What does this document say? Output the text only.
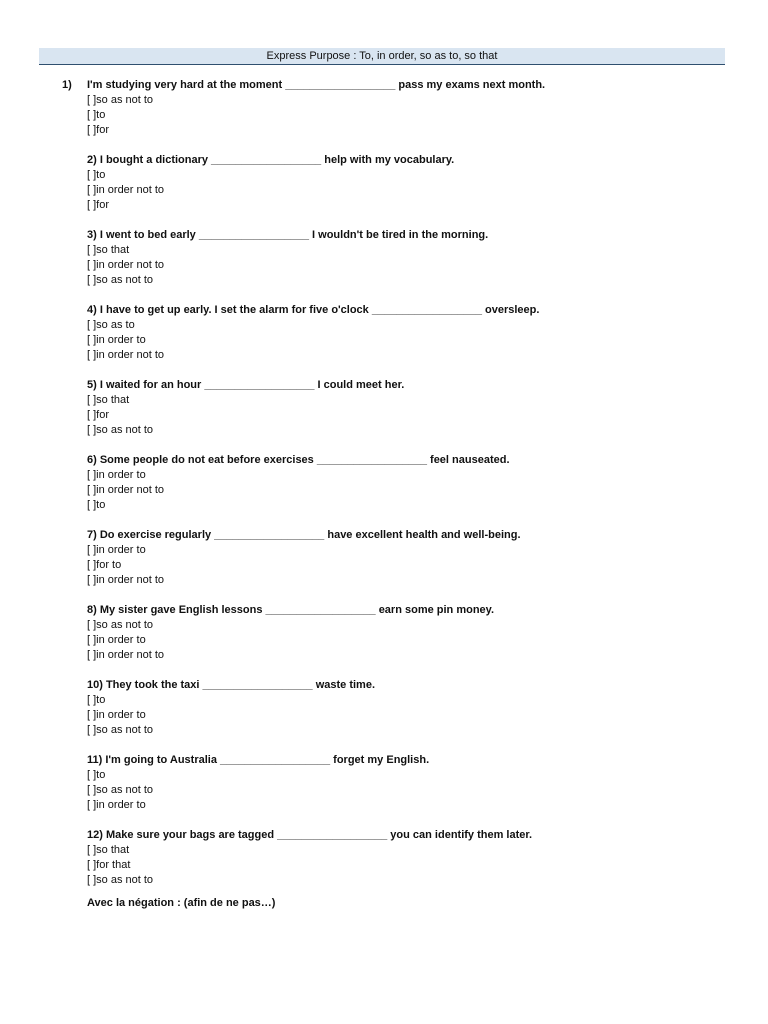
Express Purpose : To, in order, so as to, so that
1) I'm studying very hard at the moment __________________ pass my exams next month.
[ ]so as not to
[ ]to
[ ]for
2) I bought a dictionary __________________ help with my vocabulary.
[ ]to
[ ]in order not to
[ ]for
3) I went to bed early __________________ I wouldn't be tired in the morning.
[ ]so that
[ ]in order not to
[ ]so as not to
4) I have to get up early. I set the alarm for five o'clock __________________ oversleep.
[ ]so as to
[ ]in order to
[ ]in order not to
5) I waited for an hour __________________ I could meet her.
[ ]so that
[ ]for
[ ]so as not to
6) Some people do not eat before exercises __________________ feel nauseated.
[ ]in order to
[ ]in order not to
[ ]to
7) Do exercise regularly __________________ have excellent health and well-being.
[ ]in order to
[ ]for to
[ ]in order not to
8) My sister gave English lessons __________________ earn some pin money.
[ ]so as not to
[ ]in order to
[ ]in order not to
10) They took the taxi __________________ waste time.
[ ]to
[ ]in order to
[ ]so as not to
11) I'm going to Australia __________________ forget my English.
[ ]to
[ ]so as not to
[ ]in order to
12) Make sure your bags are tagged __________________ you can identify them later.
[ ]so that
[ ]for that
[ ]so as not to
Avec la négation : (afin de ne pas…)
